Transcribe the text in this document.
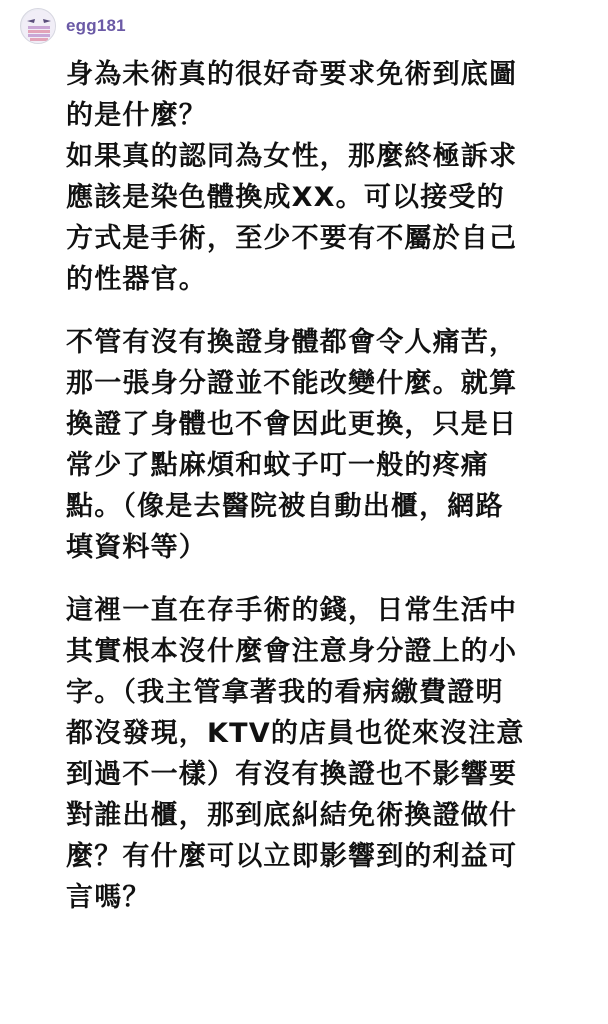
egg181
身為未術真的很好奇要求免術到底圖
的是什麼？
如果真的認同為女性，那麼終極訴求
應該是染色體換成XX。可以接受的
方式是手術，至少不要有不屬於自己
的性器官。
不管有沒有換證身體都會令人痛苦，
那一張身分證並不能改變什麼。就算
換證了身體也不會因此更換，只是日
常少了點麻煩和蚊子叮一般的疼痛
點。（像是去醫院被自動出櫃，網路
填資料等）
這裡一直在存手術的錢，日常生活中
其實根本沒什麼會注意身分證上的小
字。（我主管拿著我的看病繳費證明
都沒發現，KTV的店員也從來沒注意
到過不一樣）有沒有換證也不影響要
對誰出櫃，那到底糾結免術換證做什
麼？有什麼可以立即影響到的利益可
言嗎？
